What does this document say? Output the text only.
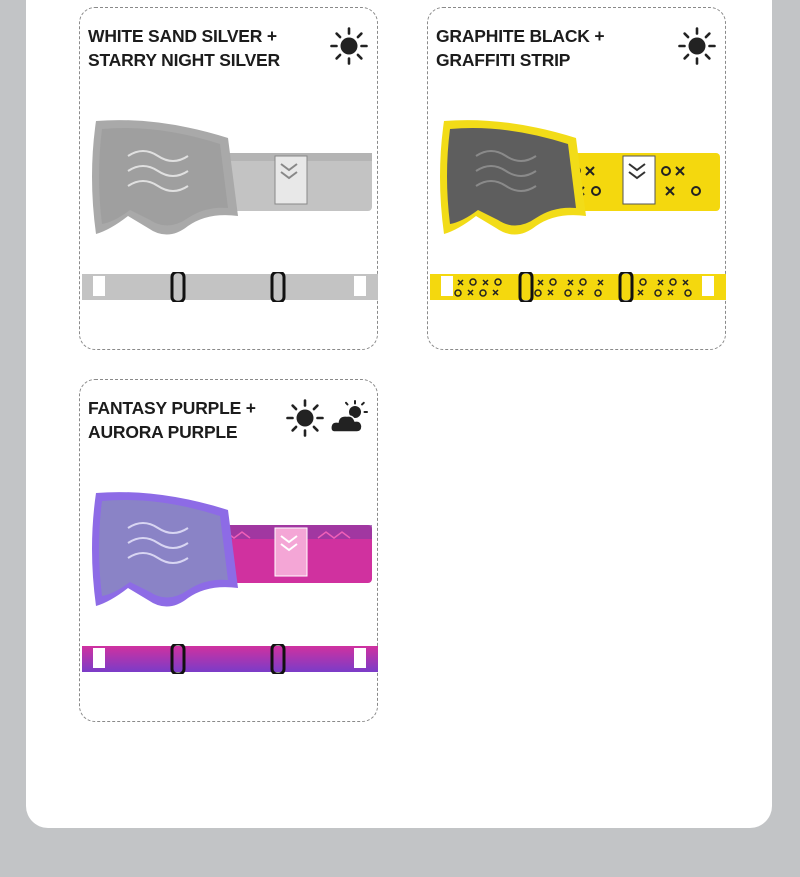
WHITE SAND SILVER +
STARRY NIGHT SILVER
GRAPHITE BLACK +
GRAFFITI STRIP
FANTASY PURPLE +
AURORA PURPLE
